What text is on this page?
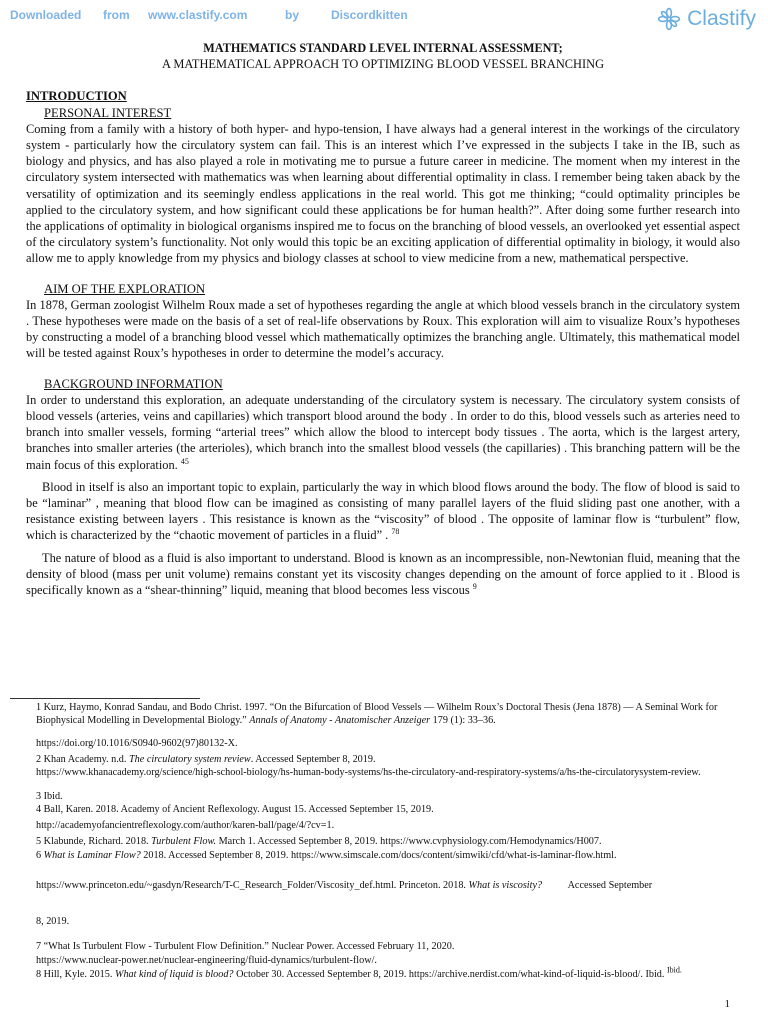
Downloaded from www.clastify.com	by	Discordkitten	Clastify

MATHEMATICS STANDARD LEVEL INTERNAL ASSESSMENT;

A MATHEMATICAL APPROACH TO OPTIMIZING BLOOD VESSEL BRANCHING

INTRODUCTION

PERSONAL INTEREST

Coming from a family with a history of both hyper- and hypo-tension, I have always had a general interest in the workings of the circulatory system - particularly how the circulatory system can fail. This is an interest which I’ve expressed in the subjects I take in the IB, such as biology and physics, and has also played a role in motivating me to pursue a future career in medicine. The moment when my interest in the circulatory system intersected with mathematics was when learning about differential optimality in class. I remember being taken aback by the versatility of optimization and its seemingly endless applications in the real world. This got me thinking; “could optimality principles be applied to the circulatory system, and how significant could these applications be for human health?”. After doing some further research into the applications of optimality in biological organisms inspired me to focus on the branching of blood vessels, an overlooked yet essential aspect of the circulatory system’s functionality. Not only would this topic be an exciting application of differential optimality in biology, it would also allow me to apply knowledge from my physics and biology classes at school to view medicine from a new, mathematical perspective.

AIM OF THE EXPLORATION

In 1878, German zoologist Wilhelm Roux made a set of hypotheses regarding the angle at which blood vessels branch in the circulatory system . These hypotheses were made on the basis of a set of real-life observations by Roux. This exploration will aim to visualize Roux’s hypotheses by constructing a model of a branching blood vessel which mathematically optimizes the branching angle. Ultimately, this mathematical model will be tested against Roux’s hypotheses in order to determine the model’s accuracy.

BACKGROUND INFORMATION

In order to understand this exploration, an adequate understanding of the circulatory system is necessary. The circulatory system consists of blood vessels (arteries, veins and capillaries) which transport blood around the body . In order to do this, blood vessels such as arteries need to branch into smaller vessels, forming “arterial trees” which allow the blood to intercept body tissues . The aorta, which is the largest artery, branches into smaller arteries (the arterioles), which branch into the smallest blood vessels (the capillaries) . This branching pattern will be the main focus of this exploration. $^{45}$

Blood in itself is also an important topic to explain, particularly the way in which blood flows around the body. The flow of blood is said to be “laminar” , meaning that blood flow can be imagined as consisting of many parallel layers of the fluid sliding past one another, with a resistance existing between layers . This resistance is known as the “viscosity” of blood . The opposite of laminar flow is “turbulent” flow, which is characterized by the “chaotic movement of particles in a fluid” . $^{78}$

The nature of blood as a fluid is also important to understand. Blood is known as an incompressible, non-Newtonian fluid, meaning that the density of blood (mass per unit volume) remains constant yet its viscosity changes depending on the amount of force applied to it . Blood is specifically known as a “shear-thinning” liquid, meaning that blood becomes less viscous $^9$

1 Kurz, Haymo, Konrad Sandau, and Bodo Christ. 1997. “On the Bifurcation of Blood Vessels — Wilhelm Roux’s Doctoral Thesis (Jena 1878) — A Seminal Work for Biophysical Modelling in Developmental Biology.” Annals of Anatomy - Anatomischer Anzeiger 179 (1): 33–36.
https://doi.org/10.1016/S0940-9602(97)80132-X.
2 Khan Academy. n.d. The circulatory system review. Accessed September 8, 2019.
https://www.khanacademy.org/science/high-school-biology/hs-human-body-systems/hs-the-circulatory-and-respiratory-systems/a/hs-the-circulatorysystem-review.
3 Ibid.
4 Ball, Karen. 2018. Academy of Ancient Reflexology. August 15. Accessed September 15, 2019.
http://academyofancientreflexology.com/author/karen-ball/page/4/?cv=1.
5 Klabunde, Richard. 2018. Turbulent Flow. March 1. Accessed September 8, 2019. https://www.cvphysiology.com/Hemodynamics/H007.
6 What is Laminar Flow? 2018. Accessed September 8, 2019. https://www.simscale.com/docs/content/simwiki/cfd/what-is-laminar-flow.html.
https://www.princeton.edu/~gasdyn/Research/T-C_Research_Folder/Viscosity_def.html. Princeton. 2018. What is viscosity? Accessed September
8, 2019.
7 “What Is Turbulent Flow - Turbulent Flow Definition.” Nuclear Power. Accessed February 11, 2020.
https://www.nuclear-power.net/nuclear-engineering/fluid-dynamics/turbulent-flow/.
8 Hill, Kyle. 2015. What kind of liquid is blood? October 30. Accessed September 8, 2019. https://archive.nerdist.com/what-kind-of-liquid-is-blood/. Ibid. $^{Ibid.}$
1
